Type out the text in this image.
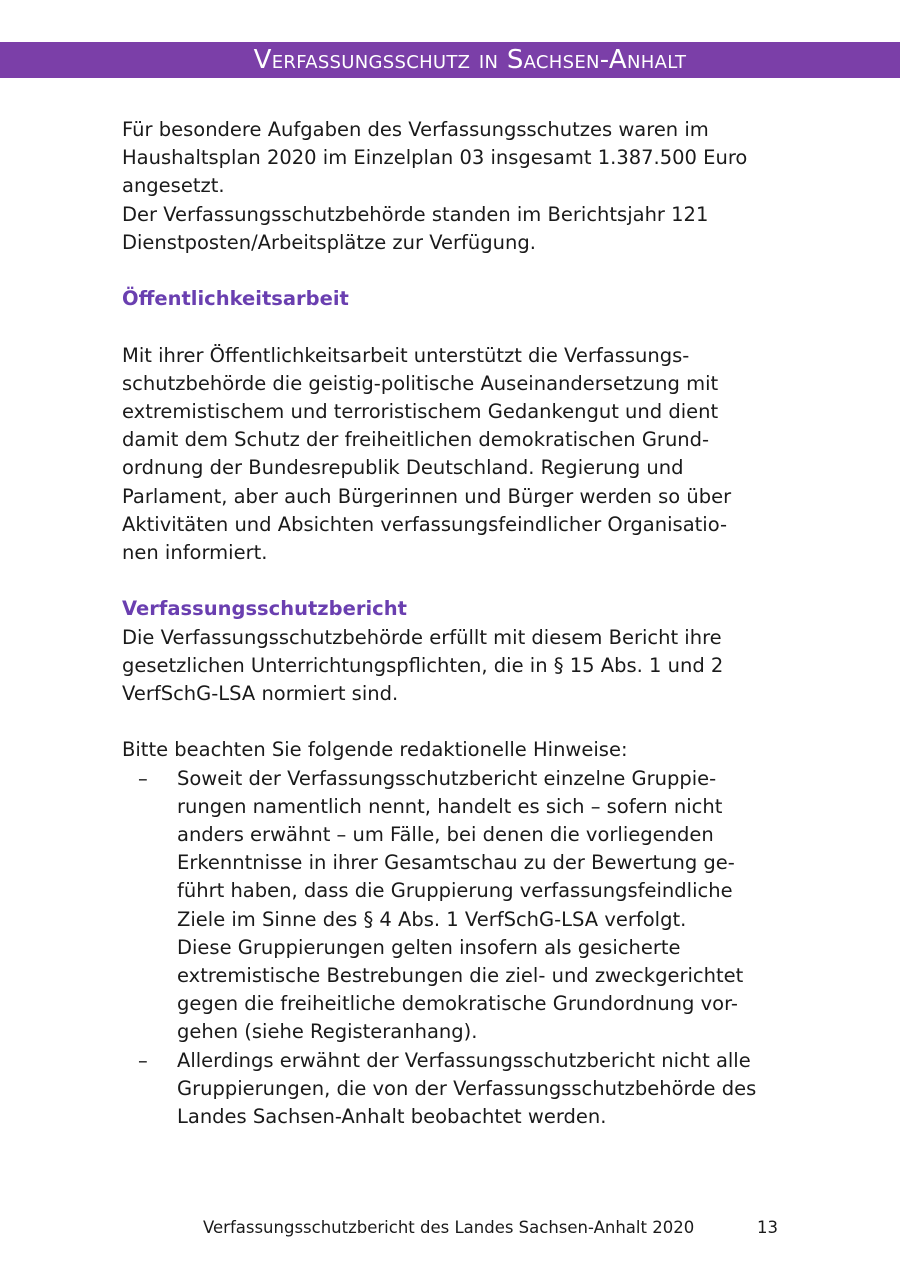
Verfassungsschutz in Sachsen-Anhalt

Für besondere Aufgaben des Verfassungsschutzes waren im
Haushaltsplan 2020 im Einzelplan 03 insgesamt 1.387.500 Euro
angesetzt.
Der Verfassungsschutzbehörde standen im Berichtsjahr 121
Dienstposten/Arbeitsplätze zur Verfügung.

Öffentlichkeitsarbeit

Mit ihrer Öffentlichkeitsarbeit unterstützt die Verfassungs-
schutzbehörde die geistig-politische Auseinandersetzung mit
extremistischem und terroristischem Gedankengut und dient
damit dem Schutz der freiheitlichen demokratischen Grund-
ordnung der Bundesrepublik Deutschland. Regierung und
Parlament, aber auch Bürgerinnen und Bürger werden so über
Aktivitäten und Absichten verfassungsfeindlicher Organisatio-
nen informiert.

Verfassungsschutzbericht

Die Verfassungsschutzbehörde erfüllt mit diesem Bericht ihre
gesetzlichen Unterrichtungspflichten, die in § 15 Abs. 1 und 2
VerfSchG-LSA normiert sind.

Bitte beachten Sie folgende redaktionelle Hinweise:

– Soweit der Verfassungsschutzbericht einzelne Gruppie-
rungen namentlich nennt, handelt es sich – sofern nicht
anders erwähnt – um Fälle, bei denen die vorliegenden
Erkenntnisse in ihrer Gesamtschau zu der Bewertung ge-
führt haben, dass die Gruppierung verfassungsfeindliche
Ziele im Sinne des § 4 Abs. 1 VerfSchG-LSA verfolgt.
Diese Gruppierungen gelten insofern als gesicherte
extremistische Bestrebungen die ziel- und zweckgerichtet
gegen die freiheitliche demokratische Grundordnung vor-
gehen (siehe Registeranhang).
– Allerdings erwähnt der Verfassungsschutzbericht nicht alle
Gruppierungen, die von der Verfassungsschutzbehörde des
Landes Sachsen-Anhalt beobachtet werden.
Verfassungsschutzbericht des Landes Sachsen-Anhalt 2020	13
